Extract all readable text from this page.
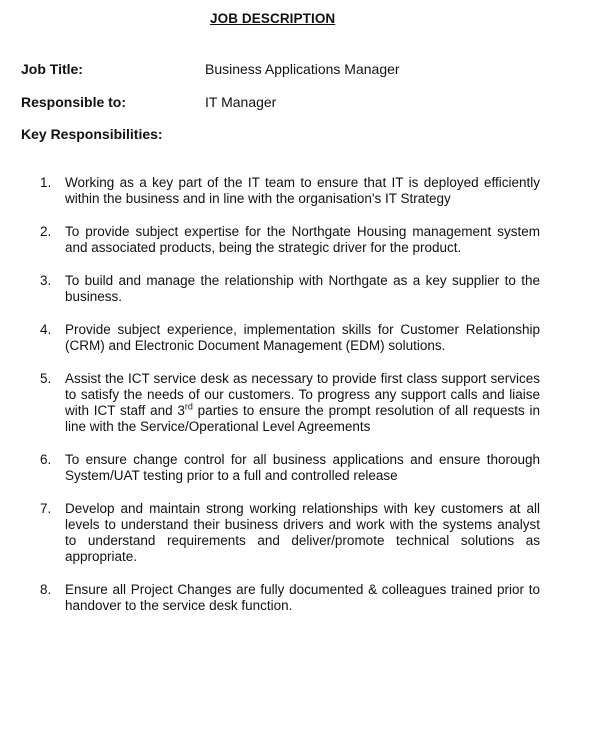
JOB DESCRIPTION
Job Title:	Business Applications Manager
Responsible to:	IT Manager
Key Responsibilities:
1. Working as a key part of the IT team to ensure that IT is deployed efficiently within the business and in line with the organisation's IT Strategy
2. To provide subject expertise for the Northgate Housing management system and associated products, being the strategic driver for the product.
3. To build and manage the relationship with Northgate as a key supplier to the business.
4. Provide subject experience, implementation skills for Customer Relationship (CRM) and Electronic Document Management (EDM) solutions.
5. Assist the ICT service desk as necessary to provide first class support services to satisfy the needs of our customers. To progress any support calls and liaise with ICT staff and 3rd parties to ensure the prompt resolution of all requests in line with the Service/Operational Level Agreements
6. To ensure change control for all business applications and ensure thorough System/UAT testing prior to a full and controlled release
7. Develop and maintain strong working relationships with key customers at all levels to understand their business drivers and work with the systems analyst to understand requirements and deliver/promote technical solutions as appropriate.
8. Ensure all Project Changes are fully documented & colleagues trained prior to handover to the service desk function.
